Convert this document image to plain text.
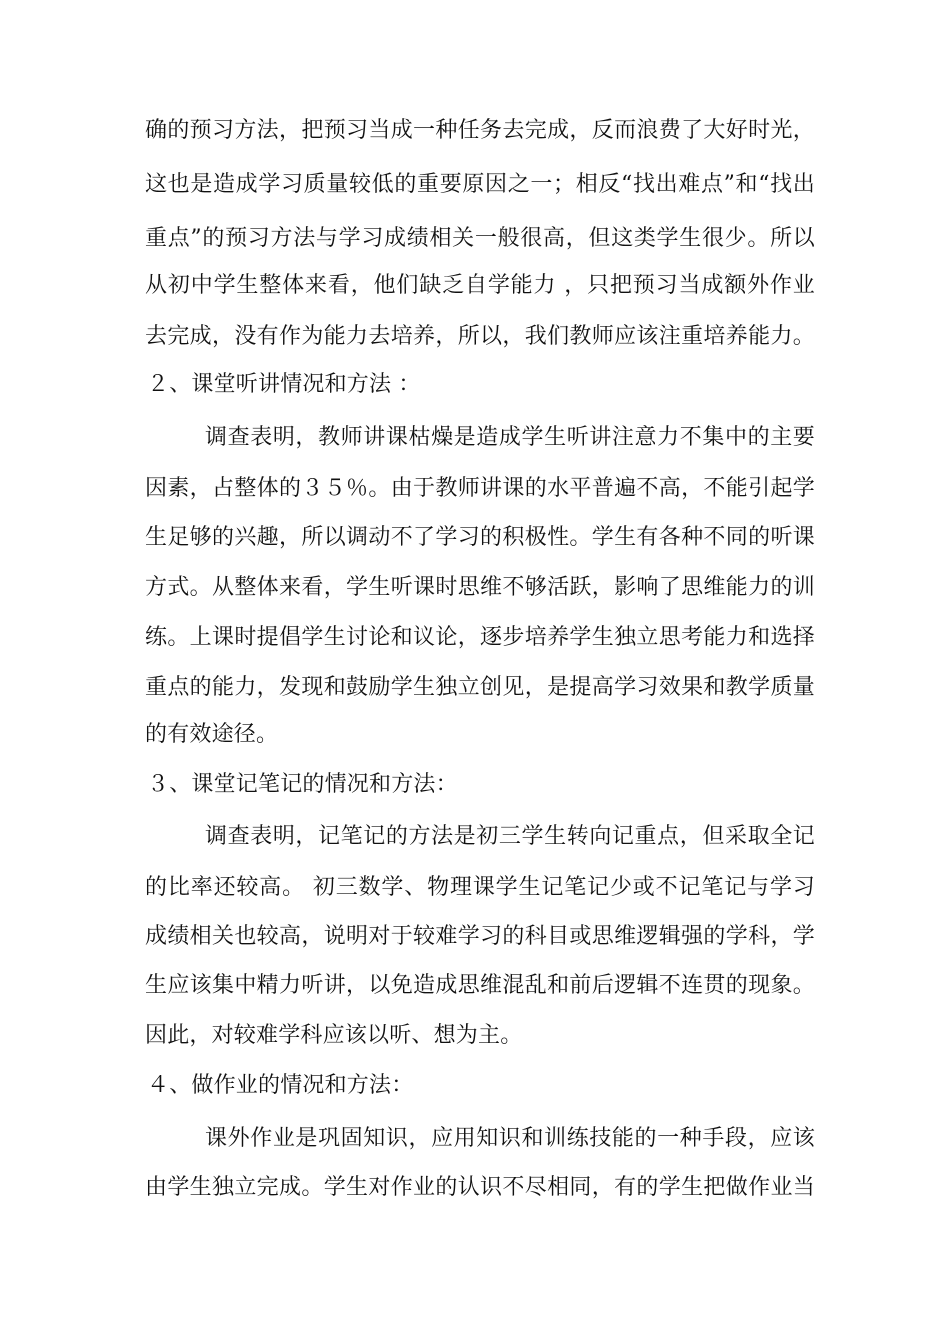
确的预习方法，把预习当成一种任务去完成，反而浪费了大好时光，
这也是造成学习质量较低的重要原因之一；相反“找出难点”和“找出
重点”的预习方法与学习成绩相关一般很高，但这类学生很少。所以
从初中学生整体来看，他们缺乏自学能力 ，只把预习当成额外作业
去完成，没有作为能力去培养，所以，我们教师应该注重培养能力。
２、课堂听讲情况和方法 ：
调查表明，教师讲课枯燥是造成学生听讲注意力不集中的主要
因素，占整体的３５％。由于教师讲课的水平普遍不高，不能引起学
生足够的兴趣，所以调动不了学习的积极性。学生有各种不同的听课
方式。从整体来看，学生听课时思维不够活跃，影响了思维能力的训
练。上课时提倡学生讨论和议论，逐步培养学生独立思考能力和选择
重点的能力，发现和鼓励学生独立创见，是提高学习效果和教学质量
的有效途径。
３、课堂记笔记的情况和方法：
调查表明，记笔记的方法是初三学生转向记重点，但采取全记
的比率还较高。 初三数学、物理课学生记笔记少或不记笔记与学习
成绩相关也较高，说明对于较难学习的科目或思维逻辑强的学科，学
生应该集中精力听讲，以免造成思维混乱和前后逻辑不连贯的现象。
因此，对较难学科应该以听、想为主。
４、做作业的情况和方法：
课外作业是巩固知识，应用知识和训练技能的一种手段，应该
由学生独立完成。学生对作业的认识不尽相同，有的学生把做作业当
